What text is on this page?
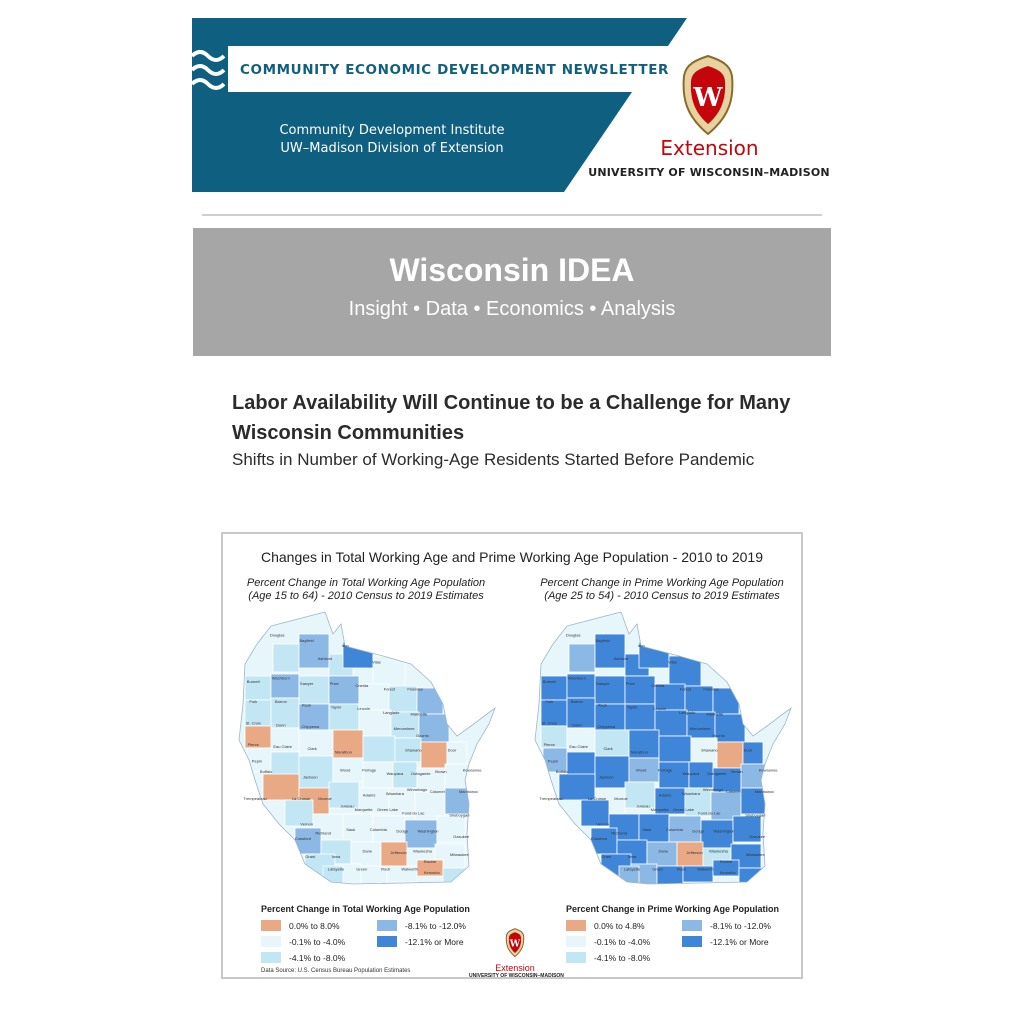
COMMUNITY ECONOMIC DEVELOPMENT NEWSLETTER
Community Development Institute
UW–Madison Division of Extension
W
Extension
UNIVERSITY OF WISCONSIN–MADISON
Wisconsin IDEA
Insight • Data • Economics • Analysis
Labor Availability Will Continue to be a Challenge for Many Wisconsin Communities
Shifts in Number of Working-Age Residents Started Before Pandemic
Changes in Total Working Age and Prime Working Age Population - 2010 to 2019
Percent Change in Total Working Age Population
(Age 15 to 64) - 2010 Census to 2019 Estimates
Percent Change in Prime Working Age Population
(Age 25 to 54) - 2010 Census to 2019 Estimates
Douglas
Bayfield
Ashland
Iron
Vilas
Burnett
Washburn
Sawyer	Price	Oneida
Forest	Florence
Polk	Barron
Rusk	Taylor	Lincoln
Langlade	Marinette
St. Croix	Dunn	Chippewa	Menominee
Oconto
Pierce	Eau Claire	Clark
Marathon	Shawano	Door
Pepin
Buffalo
Jackson
Wood	Portage
Waupaca Outagamie Brown	Kewaunee
Trempealeau	La Crosse Monroe
Juneau
Adams	Waushara
Winnebago Calumet	Manitowoc
Vernon
Marquette Green Lake
Fond du Lac	Sheboygan
Crawford
Richland
Sauk	Columbia Dodge Washington
Ozaukee
Grant	Iowa
Dane	Jefferson Waukesha
Milwaukee
Lafayette	Green	Rock	Walworth
Racine
Kenosha
Douglas
Bayfield
Ashland
Iron
Vilas
Burnett
Washburn
Sawyer	Price	Oneida
Forest	Florence
Polk	Barron
Rusk	Taylor	Lincoln
Langlade	Marinette
St. Croix	Dunn	Chippewa	Menominee
Oconto
Pierce	Eau Claire	Clark
Marathon	Shawano	Door
Pepin
Buffalo
Jackson
Wood	Portage
Waupaca Outagamie Brown	Kewaunee
Trempealeau	La Crosse Monroe
Juneau
Adams	Waushara
Winnebago Calumet	Manitowoc
Vernon
Marquette Green Lake
Fond du Lac	Sheboygan
Crawford
Richland
Sauk	Columbia Dodge Washington
Ozaukee
Grant	Iowa
Dane	Jefferson Waukesha
Milwaukee
Lafayette	Green	Rock	Walworth
Racine
Kenosha
Percent Change in Total Working Age Population
0.0% to 8.0%
-0.1% to -4.0%
-4.1% to -8.0%
-8.1% to -12.0%
-12.1% or More
Percent Change in Prime Working Age Population
0.0% to 4.8%
-0.1% to -4.0%
-4.1% to -8.0%
-8.1% to -12.0%
-12.1% or More
W
Extension
UNIVERSITY OF WISCONSIN–MADISON
Data Source: U.S. Census Bureau Population Estimates
